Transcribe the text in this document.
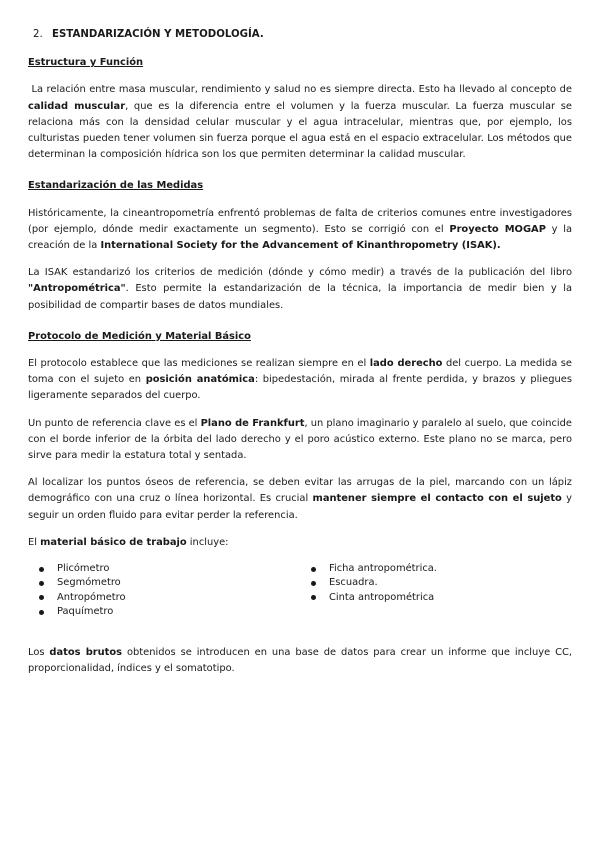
2. ESTANDARIZACIÓN Y METODOLOGÍA.
Estructura y Función

La relación entre masa muscular, rendimiento y salud no es siempre directa. Esto ha llevado al concepto de calidad muscular, que es la diferencia entre el volumen y la fuerza muscular. La fuerza muscular se relaciona más con la densidad celular muscular y el agua intracelular, mientras que, por ejemplo, los culturistas pueden tener volumen sin fuerza porque el agua está en el espacio extracelular. Los métodos que determinan la composición hídrica son los que permiten determinar la calidad muscular.

Estandarización de las Medidas

Históricamente, la cineantropometría enfrentó problemas de falta de criterios comunes entre investigadores (por ejemplo, dónde medir exactamente un segmento). Esto se corrigió con el Proyecto MOGAP y la creación de la International Society for the Advancement of Kinanthropometry (ISAK).

La ISAK estandarizó los criterios de medición (dónde y cómo medir) a través de la publicación del libro "Antropométrica". Esto permite la estandarización de la técnica, la importancia de medir bien y la posibilidad de compartir bases de datos mundiales.

Protocolo de Medición y Material Básico

El protocolo establece que las mediciones se realizan siempre en el lado derecho del cuerpo. La medida se toma con el sujeto en posición anatómica: bipedestación, mirada al frente perdida, y brazos y pliegues ligeramente separados del cuerpo.

Un punto de referencia clave es el Plano de Frankfurt, un plano imaginario y paralelo al suelo, que coincide con el borde inferior de la órbita del lado derecho y el poro acústico externo. Este plano no se marca, pero sirve para medir la estatura total y sentada.

Al localizar los puntos óseos de referencia, se deben evitar las arrugas de la piel, marcando con un lápiz demográfico con una cruz o línea horizontal. Es crucial mantener siempre el contacto con el sujeto y seguir un orden fluido para evitar perder la referencia.

El material básico de trabajo incluye:

Plicómetro
Segmómetro
Antropómetro
Paquímetro
Ficha antropométrica.
Escuadra.
Cinta antropométrica

Los datos brutos obtenidos se introducen en una base de datos para crear un informe que incluye CC, proporcionalidad, índices y el somatotipo.
